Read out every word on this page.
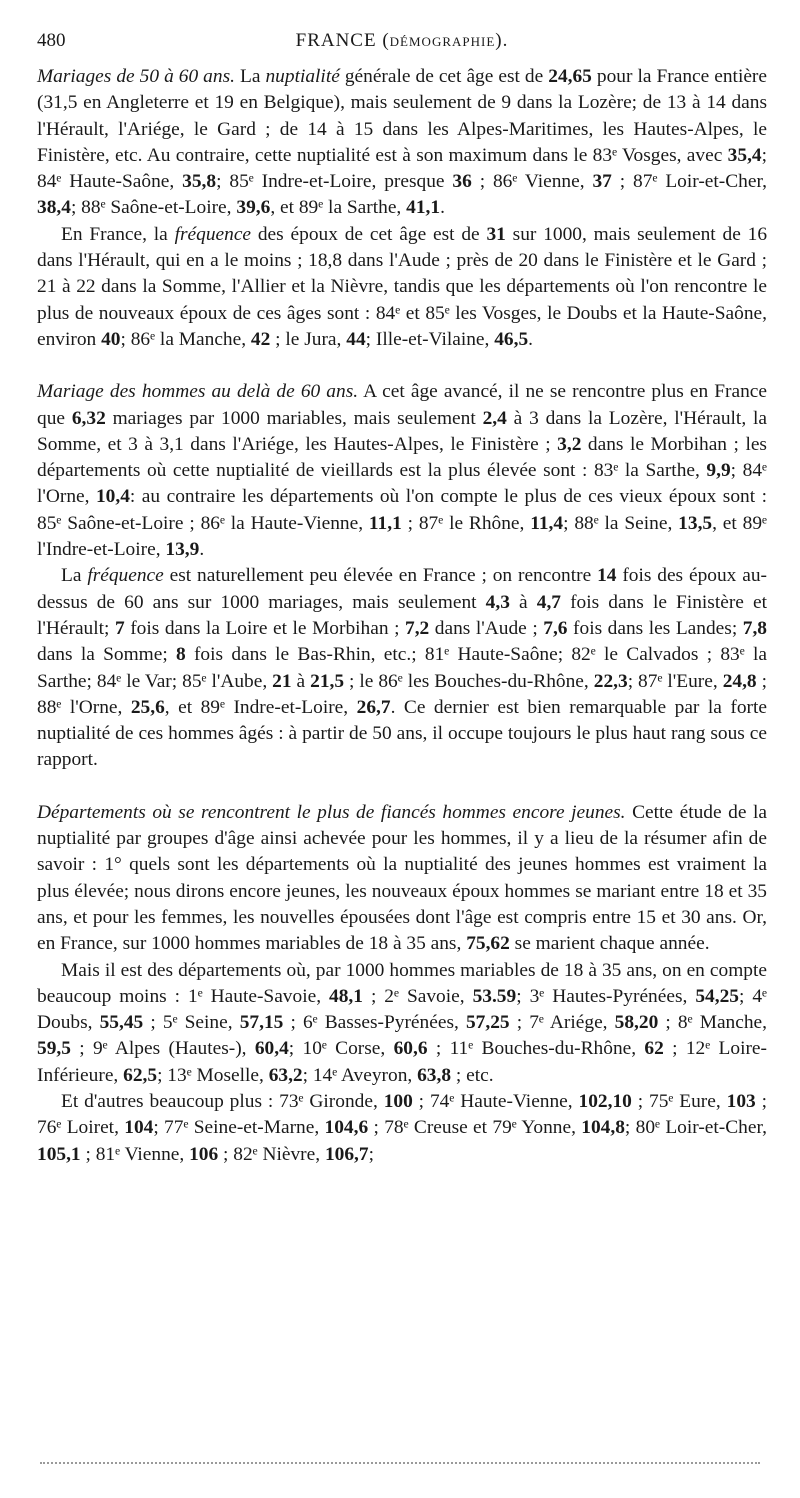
480	FRANCE (DÉMOGRAPHIE).

Mariages de 50 à 60 ans. La nuptialité générale de cet âge est de 24,65 pour la France entière (31,5 en Angleterre et 19 en Belgique), mais seulement de 9 dans la Lozère; de 13 à 14 dans l'Hérault, l'Ariége, le Gard ; de 14 à 15 dans les Alpes-Maritimes, les Hautes-Alpes, le Finistère, etc. Au contraire, cette nuptialité est à son maximum dans le 83ᵉ Vosges, avec 35,4; 84ᵉ Haute-Saône, 35,8; 85ᵉ Indre-et-Loire, presque 36 ; 86ᵉ Vienne, 37 ; 87ᵉ Loir-et-Cher, 38,4; 88ᵉ Saône-et-Loire, 39,6, et 89ᵉ la Sarthe, 41,1.

En France, la fréquence des époux de cet âge est de 31 sur 1000, mais seulement de 16 dans l'Hérault, qui en a le moins ; 18,8 dans l'Aude ; près de 20 dans le Finistère et le Gard ; 21 à 22 dans la Somme, l'Allier et la Nièvre, tandis que les départements où l'on rencontre le plus de nouveaux époux de ces âges sont : 84ᵉ et 85ᵉ les Vosges, le Doubs et la Haute-Saône, environ 40; 86ᵉ la Manche, 42 ; le Jura, 44; Ille-et-Vilaine, 46,5.

Mariage des hommes au delà de 60 ans. A cet âge avancé, il ne se rencontre plus en France que 6,32 mariages par 1000 mariables, mais seulement 2,4 à 3 dans la Lozère, l'Hérault, la Somme, et 3 à 3,1 dans l'Ariége, les Hautes-Alpes, le Finistère ; 3,2 dans le Morbihan ; les départements où cette nuptialité de vieillards est la plus élevée sont : 83ᵉ la Sarthe, 9,9; 84ᵉ l'Orne, 10,4: au contraire les départements où l'on compte le plus de ces vieux époux sont : 85ᵉ Saône-et-Loire ; 86ᵉ la Haute-Vienne, 11,1 ; 87ᵉ le Rhône, 11,4; 88ᵉ la Seine, 13,5, et 89ᵉ l'Indre-et-Loire, 13,9.

La fréquence est naturellement peu élevée en France ; on rencontre 14 fois des époux au-dessus de 60 ans sur 1000 mariages, mais seulement 4,3 à 4,7 fois dans le Finistère et l'Hérault; 7 fois dans la Loire et le Morbihan ; 7,2 dans l'Aude ; 7,6 fois dans les Landes; 7,8 dans la Somme; 8 fois dans le Bas-Rhin, etc.; 81ᵉ Haute-Saône; 82ᵉ le Calvados ; 83ᵉ la Sarthe; 84ᵉ le Var; 85ᵉ l'Aube, 21 à 21,5 ; le 86ᵉ les Bouches-du-Rhône, 22,3; 87ᵉ l'Eure, 24,8 ; 88ᵉ l'Orne, 25,6, et 89ᵉ Indre-et-Loire, 26,7. Ce dernier est bien remarquable par la forte nuptialité de ces hommes âgés : à partir de 50 ans, il occupe toujours le plus haut rang sous ce rapport.

Départements où se rencontrent le plus de fiancés hommes encore jeunes. Cette étude de la nuptialité par groupes d'âge ainsi achevée pour les hommes, il y a lieu de la résumer afin de savoir : 1° quels sont les départements où la nuptialité des jeunes hommes est vraiment la plus élevée; nous dirons encore jeunes, les nouveaux époux hommes se mariant entre 18 et 35 ans, et pour les femmes, les nouvelles épousées dont l'âge est compris entre 15 et 30 ans. Or, en France, sur 1000 hommes mariables de 18 à 35 ans, 75,62 se marient chaque année.

Mais il est des départements où, par 1000 hommes mariables de 18 à 35 ans, on en compte beaucoup moins : 1ᵉ Haute-Savoie, 48,1 ; 2ᵉ Savoie, 53.59; 3ᵉ Hautes-Pyrénées, 54,25; 4ᵉ Doubs, 55,45 ; 5ᵉ Seine, 57,15 ; 6ᵉ Basses-Pyrénées, 57,25 ; 7ᵉ Ariége, 58,20 ; 8ᵉ Manche, 59,5 ; 9ᵉ Alpes (Hautes-), 60,4; 10ᵉ Corse, 60,6 ; 11ᵉ Bouches-du-Rhône, 62 ; 12ᵉ Loire-Inférieure, 62,5; 13ᵉ Moselle, 63,2; 14ᵉ Aveyron, 63,8 ; etc.

Et d'autres beaucoup plus : 73ᵉ Gironde, 100 ; 74ᵉ Haute-Vienne, 102,10 ; 75ᵉ Eure, 103 ; 76ᵉ Loiret, 104; 77ᵉ Seine-et-Marne, 104,6 ; 78ᵉ Creuse et 79ᵉ Yonne, 104,8; 80ᵉ Loir-et-Cher, 105,1 ; 81ᵉ Vienne, 106 ; 82ᵉ Nièvre, 106,7;
